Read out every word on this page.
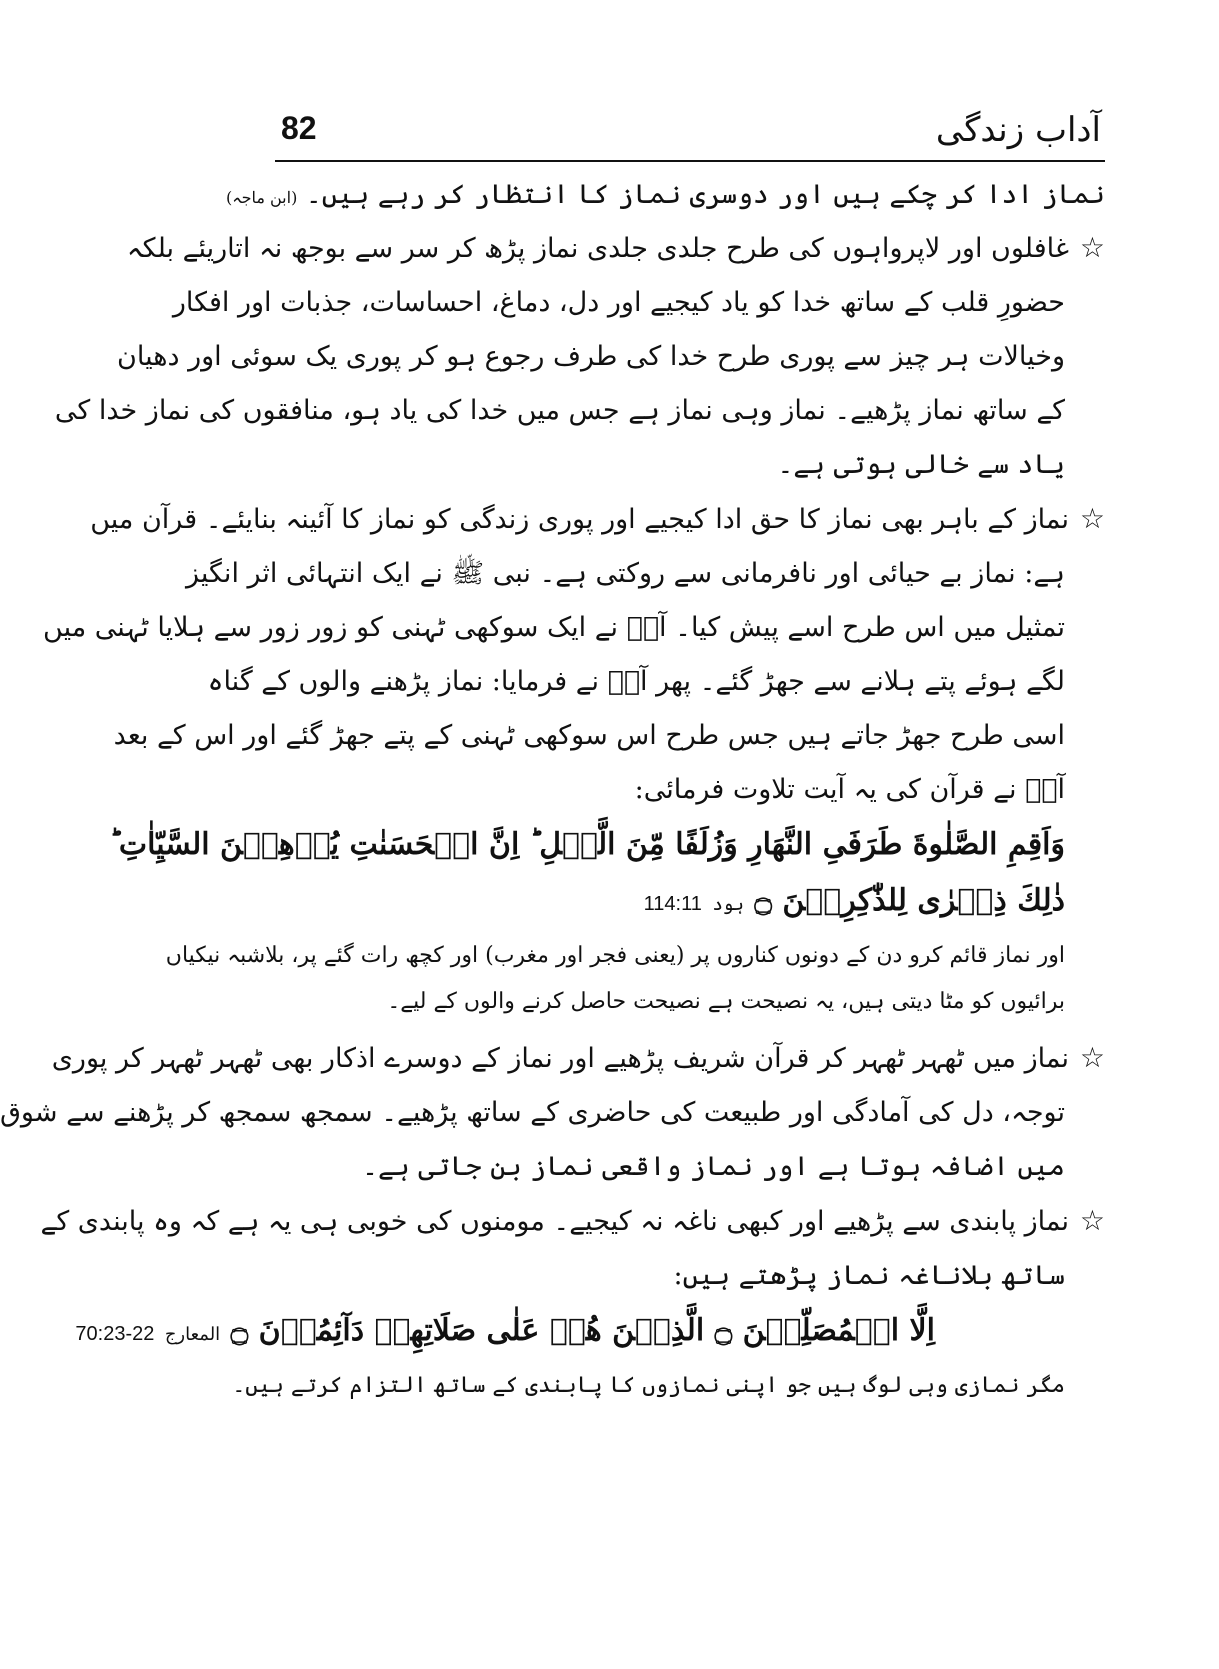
آداب زندگی
82
نماز ادا کر چکے ہیں اور دوسری نماز کا انتظار کر رہے ہیں۔ (ابن ماجہ)
☆غافلوں اور لاپرواہوں کی طرح جلدی جلدی نماز پڑھ کر سر سے بوجھ نہ اتاریئے بلکہ
حضورِ قلب کے ساتھ خدا کو یاد کیجیے اور دل، دماغ، احساسات، جذبات اور افکار
وخیالات ہر چیز سے پوری طرح خدا کی طرف رجوع ہو کر پوری یک سوئی اور دھیان
کے ساتھ نماز پڑھیے۔ نماز وہی نماز ہے جس میں خدا کی یاد ہو، منافقوں کی نماز خدا کی
یاد سے خالی ہوتی ہے۔
☆نماز کے باہر بھی نماز کا حق ادا کیجیے اور پوری زندگی کو نماز کا آئینہ بنایئے۔ قرآن میں
ہے: نماز بے حیائی اور نافرمانی سے روکتی ہے۔ نبی ﷺ نے ایک انتہائی اثر انگیز
تمثیل میں اس طرح اسے پیش کیا۔ آپؐ نے ایک سوکھی ٹہنی کو زور زور سے ہلایا ٹہنی میں
لگے ہوئے پتے ہلانے سے جھڑ گئے۔ پھر آپؐ نے فرمایا: نماز پڑھنے والوں کے گناہ
اسی طرح جھڑ جاتے ہیں جس طرح اس سوکھی ٹہنی کے پتے جھڑ گئے اور اس کے بعد
آپؐ نے قرآن کی یہ آیت تلاوت فرمائی:
وَاَقِمِ الصَّلٰوةَ طَرَفَیِ النَّهَارِ وَزُلَفًا مِّنَ الَّیۡلِ ؕ اِنَّ الۡحَسَنٰتِ یُذۡهِبۡنَ السَّیِّاٰتِ ؕ
ذٰلِكَ ذِكۡرٰی لِلذّٰكِرِیۡنَ ۝ ہود 114:11
اور نماز قائم کرو دن کے دونوں کناروں پر (یعنی فجر اور مغرب) اور کچھ رات گئے پر، بلاشبہ نیکیاں
برائیوں کو مٹا دیتی ہیں، یہ نصیحت ہے نصیحت حاصل کرنے والوں کے لیے۔
☆نماز میں ٹھہر ٹھہر کر قرآن شریف پڑھیے اور نماز کے دوسرے اذکار بھی ٹھہر ٹھہر کر پوری
توجہ، دل کی آمادگی اور طبیعت کی حاضری کے ساتھ پڑھیے۔ سمجھ سمجھ کر پڑھنے سے شوق
میں اضافہ ہوتا ہے اور نماز واقعی نماز بن جاتی ہے۔
☆نماز پابندی سے پڑھیے اور کبھی ناغہ نہ کیجیے۔ مومنوں کی خوبی ہی یہ ہے کہ وہ پابندی کے
ساتھ بلاناغہ نماز پڑھتے ہیں:
اِلَّا الۡمُصَلِّیۡنَ ۝ الَّذِیۡنَ هُمۡ عَلٰی صَلَاتِهِمۡ دَآئِمُوۡنَ ۝ المعارج 70:23-22
مگر نمازی وہی لوگ ہیں جو اپنی نمازوں کا پابندی کے ساتھ التزام کرتے ہیں۔
